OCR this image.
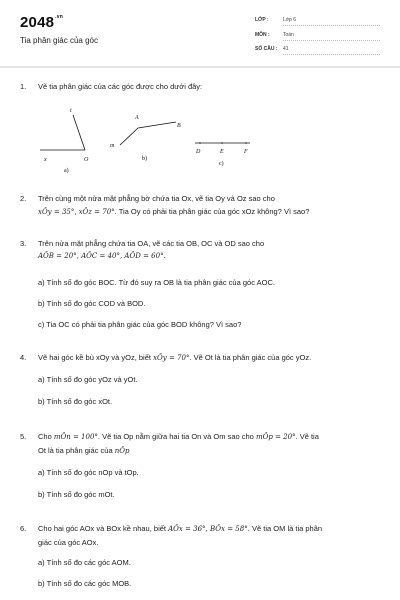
$2048^{.vn}$
Tia phân giác của góc
LỚP :	Lớp 6
MÔN :	Toán
SỐ CÂU : 41
1. Vẽ tia phân giác của các góc được cho dưới đây:
t
x	O
a)
A
B
m
b)
D	E	F
c)
2. Trên cùng một nửa mặt phẳng bờ chứa tia Ox, vẽ tia Oy và Oz sao cho
xÔy = 35°, xÔz = 70°. Tia Oy có phải tia phân giác của góc xOz không? Vì sao?
3. Trên nửa mặt phẳng chứa tia OA, vẽ các tia OB, OC và OD sao cho
AÔB = 20°, AÔC = 40°, AÔD = 60°.
a) Tính số đo góc BOC. Từ đó suy ra OB là tia phân giác của góc AOC.
b) Tính số đo góc COD và BOD.
c) Tia OC có phải tia phân giác của góc BOD không? Vì sao?
4. Vẽ hai góc kề bù xOy và yOz, biết xÔy = 70°. Vẽ Ot là tia phân giác của góc yOz.
a) Tính số đo góc yOz và yOt.
b) Tính số đo góc xOt.
5. Cho mÔn = 100°. Vẽ tia Op nằm giữa hai tia On và Om sao cho mÔp = 20°. Vẽ tia
Ot là tia phân giác của nÔp
a) Tính số đo góc nOp và tOp.
b) Tính số đo góc mOt.
6. Cho hai góc AOx và BOx kề nhau, biết AÔx = 36°, BÔx = 58°. Vẽ tia OM là tia phân
giác của góc AOx.
a) Tính số đo các góc AOM.
b) Tính số đo các góc MOB.
